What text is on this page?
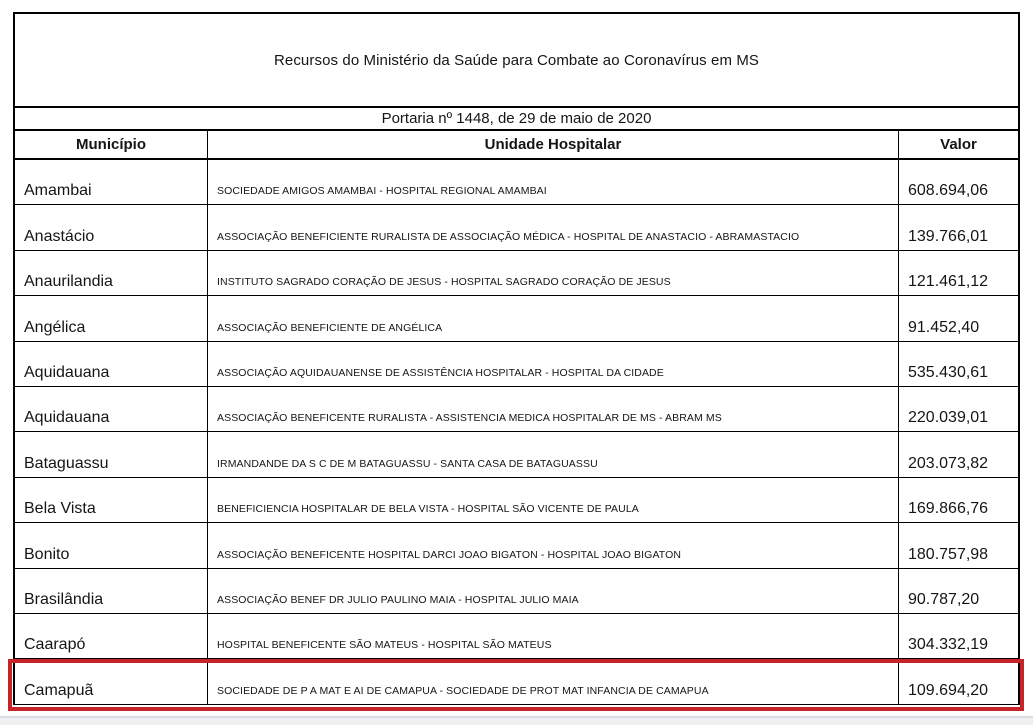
Recursos do Ministério da Saúde para Combate ao Coronavírus em MS
Portaria nº 1448, de 29 de maio de 2020
Município	Unidade Hospitalar	Valor
Amambai	SOCIEDADE AMIGOS AMAMBAI - HOSPITAL REGIONAL AMAMBAI	608.694,06
Anastácio	ASSOCIAÇÃO BENEFICIENTE RURALISTA DE ASSOCIAÇÃO MÉDICA - HOSPITAL DE ANASTACIO - ABRAMASTACIO	139.766,01
Anaurilandia	INSTITUTO SAGRADO CORAÇÃO DE JESUS - HOSPITAL SAGRADO CORAÇÃO DE JESUS	121.461,12
Angélica	ASSOCIAÇÃO BENEFICIENTE DE ANGÉLICA	91.452,40
Aquidauana	ASSOCIAÇÃO AQUIDAUANENSE DE ASSISTÊNCIA HOSPITALAR - HOSPITAL DA CIDADE	535.430,61
Aquidauana	ASSOCIAÇÃO BENEFICENTE RURALISTA - ASSISTENCIA MEDICA HOSPITALAR DE MS - ABRAM MS	220.039,01
Bataguassu	IRMANDANDE DA S C DE M BATAGUASSU - SANTA CASA DE BATAGUASSU	203.073,82
Bela Vista	BENEFICIENCIA HOSPITALAR DE BELA VISTA - HOSPITAL SÃO VICENTE DE PAULA	169.866,76
Bonito	ASSOCIAÇÃO BENEFICENTE HOSPITAL DARCI JOAO BIGATON - HOSPITAL JOAO BIGATON	180.757,98
Brasilândia	ASSOCIAÇÃO BENEF DR JULIO PAULINO MAIA - HOSPITAL JULIO MAIA	90.787,20
Caarapó	HOSPITAL BENEFICENTE SÃO MATEUS - HOSPITAL SÃO MATEUS	304.332,19
Camapuã	SOCIEDADE DE P A MAT E AI DE CAMAPUA - SOCIEDADE DE PROT MAT INFANCIA DE CAMAPUA	109.694,20
